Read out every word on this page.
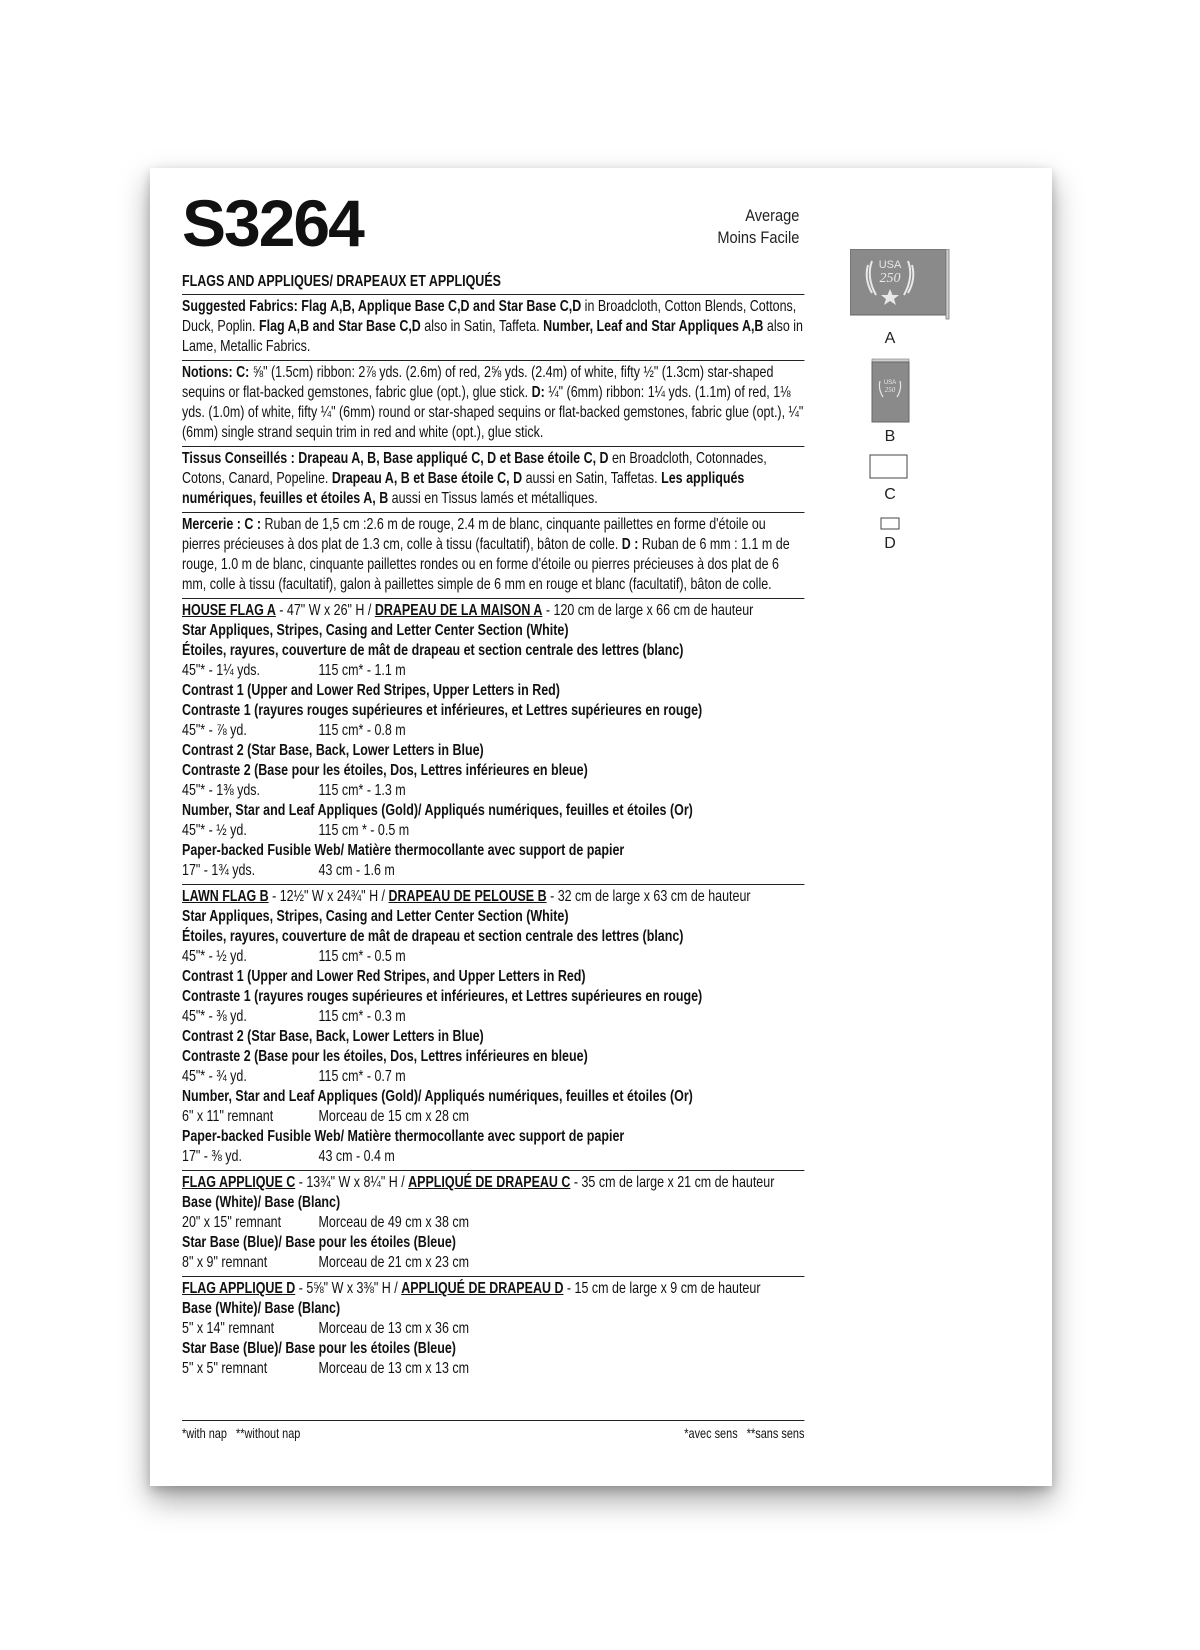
S3264	Average
Moins Facile
FLAGS AND APPLIQUES/ DRAPEAUX ET APPLIQUÉS
Suggested Fabrics: Flag A,B, Applique Base C,D and Star Base C,D in Broadcloth, Cotton Blends, Cottons, Duck, Poplin. Flag A,B and Star Base C,D also in Satin, Taffeta. Number, Leaf and Star Appliques A,B also in Lame, Metallic Fabrics.
Notions: C: ⅝" (1.5cm) ribbon: 2⅞ yds. (2.6m) of red, 2⅝ yds. (2.4m) of white, fifty ½" (1.3cm) star-shaped sequins or flat-backed gemstones, fabric glue (opt.), glue stick. D: ¼" (6mm) ribbon: 1¼ yds. (1.1m) of red, 1⅛ yds. (1.0m) of white, fifty ¼" (6mm) round or star-shaped sequins or flat-backed gemstones, fabric glue (opt.), ¼" (6mm) single strand sequin trim in red and white (opt.), glue stick.
Tissus Conseillés : Drapeau A, B, Base appliqué C, D et Base étoile C, D en Broadcloth, Cotonnades, Cotons, Canard, Popeline. Drapeau A, B et Base étoile C, D aussi en Satin, Taffetas. Les appliqués numériques, feuilles et étoiles A, B aussi en Tissus lamés et métalliques.
Mercerie : C : Ruban de 1,5 cm :2.6 m de rouge, 2.4 m de blanc, cinquante paillettes en forme d'étoile ou pierres précieuses à dos plat de 1.3 cm, colle à tissu (facultatif), bâton de colle. D : Ruban de 6 mm : 1.1 m de rouge, 1.0 m de blanc, cinquante paillettes rondes ou en forme d'étoile ou pierres précieuses à dos plat de 6 mm, colle à tissu (facultatif), galon à paillettes simple de 6 mm en rouge et blanc (facultatif), bâton de colle.
HOUSE FLAG A - 47" W x 26" H / DRAPEAU DE LA MAISON A - 120 cm de large x 66 cm de hauteur
Star Appliques, Stripes, Casing and Letter Center Section (White)
Étoiles, rayures, couverture de mât de drapeau et section centrale des lettres (blanc)
45"* - 1¼ yds.	115 cm* - 1.1 m
Contrast 1 (Upper and Lower Red Stripes, Upper Letters in Red)
Contraste 1 (rayures rouges supérieures et inférieures, et Lettres supérieures en rouge)
45"* - ⅞ yd.	115 cm* - 0.8 m
Contrast 2 (Star Base, Back, Lower Letters in Blue)
Contraste 2 (Base pour les étoiles, Dos, Lettres inférieures en bleue)
45"* - 1⅜ yds.	115 cm* - 1.3 m
Number, Star and Leaf Appliques (Gold)/ Appliqués numériques, feuilles et étoiles (Or)
45"* - ½ yd.	115 cm * - 0.5 m
Paper-backed Fusible Web/ Matière thermocollante avec support de papier
17" - 1¾ yds.	43 cm - 1.6 m
LAWN FLAG B - 12½" W x 24¾" H / DRAPEAU DE PELOUSE B - 32 cm de large x 63 cm de hauteur
Star Appliques, Stripes, Casing and Letter Center Section (White)
Étoiles, rayures, couverture de mât de drapeau et section centrale des lettres (blanc)
45"* - ½ yd.	115 cm* - 0.5 m
Contrast 1 (Upper and Lower Red Stripes, and Upper Letters in Red)
Contraste 1 (rayures rouges supérieures et inférieures, et Lettres supérieures en rouge)
45"* - ⅜ yd.	115 cm* - 0.3 m
Contrast 2 (Star Base, Back, Lower Letters in Blue)
Contraste 2 (Base pour les étoiles, Dos, Lettres inférieures en bleue)
45"* - ¾ yd.	115 cm* - 0.7 m
Number, Star and Leaf Appliques (Gold)/ Appliqués numériques, feuilles et étoiles (Or)
6" x 11" remnant	Morceau de 15 cm x 28 cm
Paper-backed Fusible Web/ Matière thermocollante avec support de papier
17" - ⅜ yd.	43 cm - 0.4 m
FLAG APPLIQUE C - 13¾" W x 8¼" H / APPLIQUÉ DE DRAPEAU C - 35 cm de large x 21 cm de hauteur
Base (White)/ Base (Blanc)
20" x 15" remnant	Morceau de 49 cm x 38 cm
Star Base (Blue)/ Base pour les étoiles (Bleue)
8" x 9" remnant	Morceau de 21 cm x 23 cm
FLAG APPLIQUE D - 5⅝" W x 3⅜" H / APPLIQUÉ DE DRAPEAU D - 15 cm de large x 9 cm de hauteur
Base (White)/ Base (Blanc)
5" x 14" remnant	Morceau de 13 cm x 36 cm
Star Base (Blue)/ Base pour les étoiles (Bleue)
5" x 5" remnant	Morceau de 13 cm x 13 cm
*with nap   **without nap	*avec sens   **sans sens
USA
250
A
USA
250
B
C
D
